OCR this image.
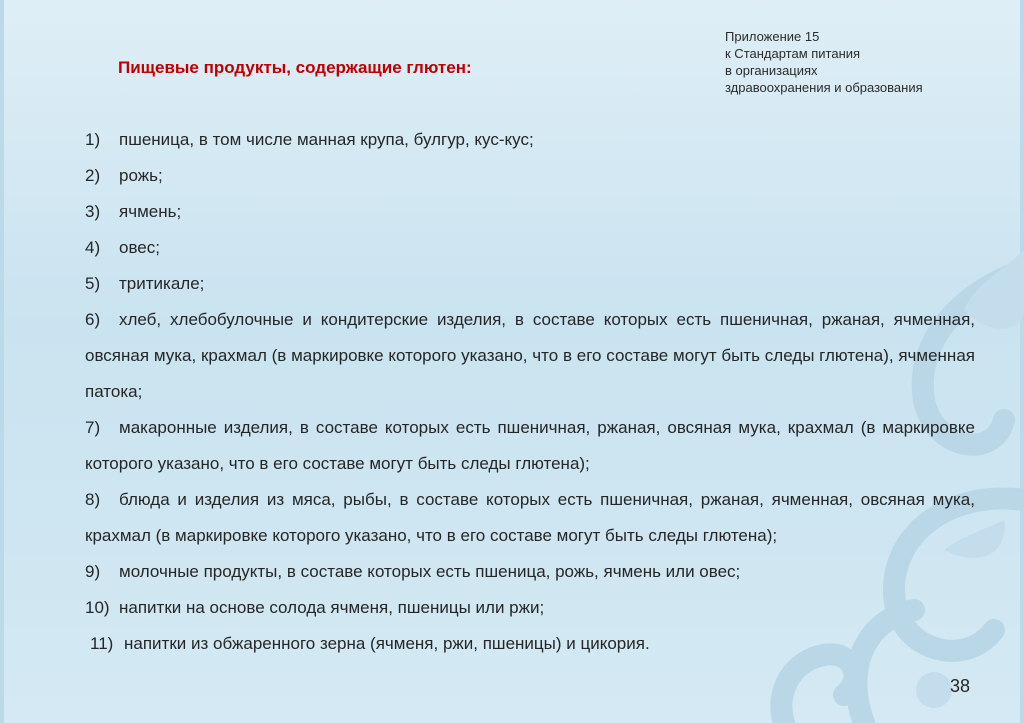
Приложение 15
к Стандартам питания
в организациях
здравоохранения и образования
Пищевые продукты, содержащие глютен:

1) пшеница, в том числе манная крупа, булгур, кус-кус;

2) рожь;

3) ячмень;

4) овес;

5) тритикале;

6) хлеб, хлебобулочные и кондитерские изделия, в составе которых есть пшеничная, ржаная, ячменная, овсяная мука, крахмал (в маркировке которого указано, что в его составе могут быть следы глютена), ячменная патока;

7) макаронные изделия, в составе которых есть пшеничная, ржаная, овсяная мука, крахмал (в маркировке которого указано, что в его составе могут быть следы глютена);

8) блюда и изделия из мяса, рыбы, в составе которых есть пшеничная, ржаная, ячменная, овсяная мука, крахмал (в маркировке которого указано, что в его составе могут быть следы глютена);

9) молочные продукты, в составе которых есть пшеница, рожь, ячмень или овес;

10) напитки на основе солода ячменя, пшеницы или ржи;

11) напитки из обжаренного зерна (ячменя, ржи, пшеницы) и цикория.

38
